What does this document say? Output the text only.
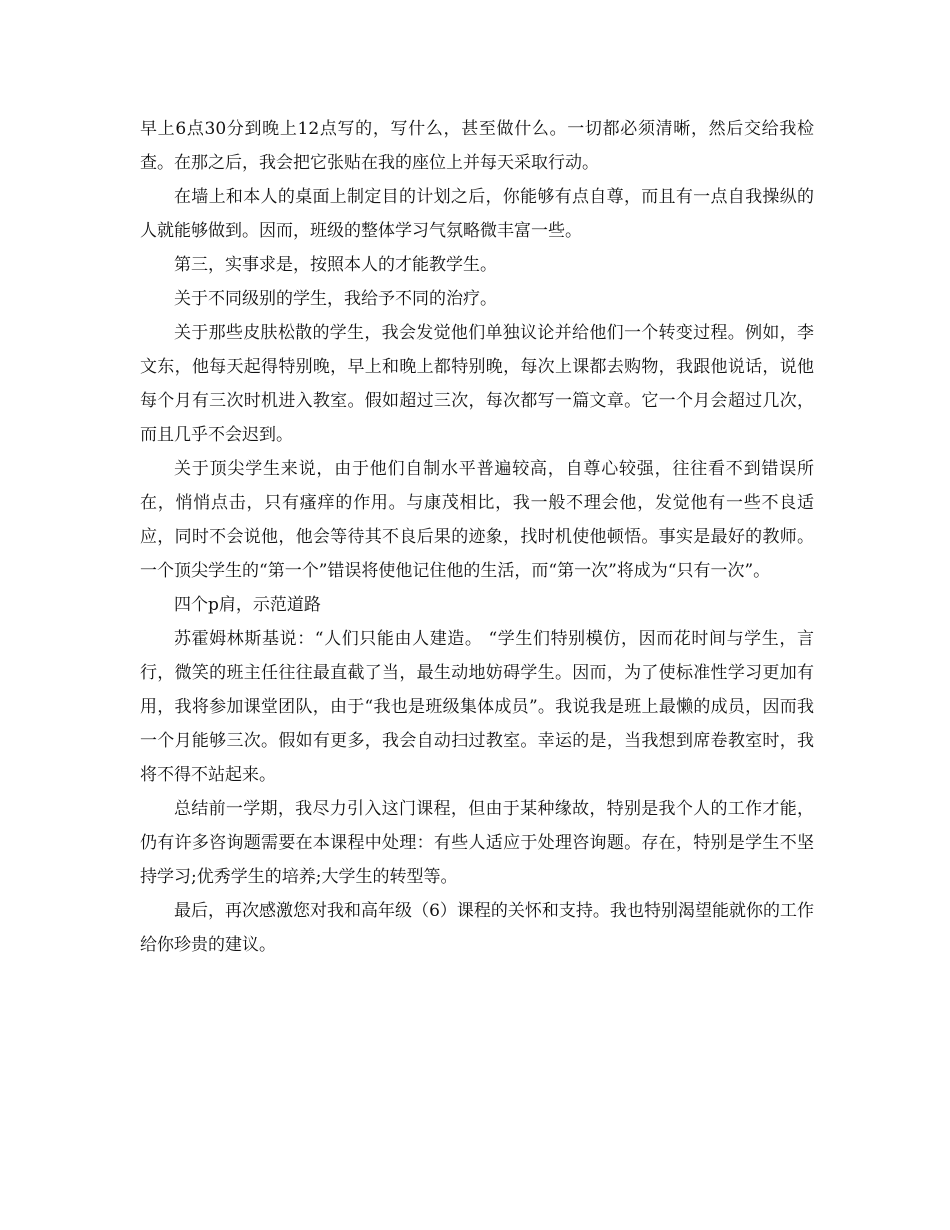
早上6点30分到晚上12点写的，写什么，甚至做什么。一切都必须清晰，然后交给我检查。在那之后，我会把它张贴在我的座位上并每天采取行动。

在墙上和本人的桌面上制定目的计划之后，你能够有点自尊，而且有一点自我操纵的人就能够做到。因而，班级的整体学习气氛略微丰富一些。

第三，实事求是，按照本人的才能教学生。

关于不同级别的学生，我给予不同的治疗。

关于那些皮肤松散的学生，我会发觉他们单独议论并给他们一个转变过程。例如，李文东，他每天起得特别晚，早上和晚上都特别晚，每次上课都去购物，我跟他说话，说他每个月有三次时机进入教室。假如超过三次，每次都写一篇文章。它一个月会超过几次，而且几乎不会迟到。

关于顶尖学生来说，由于他们自制水平普遍较高，自尊心较强，往往看不到错误所在，悄悄点击，只有瘙痒的作用。与康茂相比，我一般不理会他，发觉他有一些不良适应，同时不会说他，他会等待其不良后果的迹象，找时机使他顿悟。事实是最好的教师。一个顶尖学生的“第一个”错误将使他记住他的生活，而“第一次”将成为“只有一次”。

四个p肩，示范道路

苏霍姆林斯基说：“人们只能由人建造。 “学生们特别模仿，因而花时间与学生，言行，微笑的班主任往往最直截了当，最生动地妨碍学生。因而，为了使标准性学习更加有用，我将参加课堂团队，由于“我也是班级集体成员”。我说我是班上最懒的成员，因而我一个月能够三次。假如有更多，我会自动扫过教室。幸运的是，当我想到席卷教室时，我将不得不站起来。

总结前一学期，我尽力引入这门课程，但由于某种缘故，特别是我个人的工作才能，仍有许多咨询题需要在本课程中处理：有些人适应于处理咨询题。存在，特别是学生不坚持学习;优秀学生的培养;大学生的转型等。

最后，再次感激您对我和高年级（6）课程的关怀和支持。我也特别渴望能就你的工作给你珍贵的建议。
